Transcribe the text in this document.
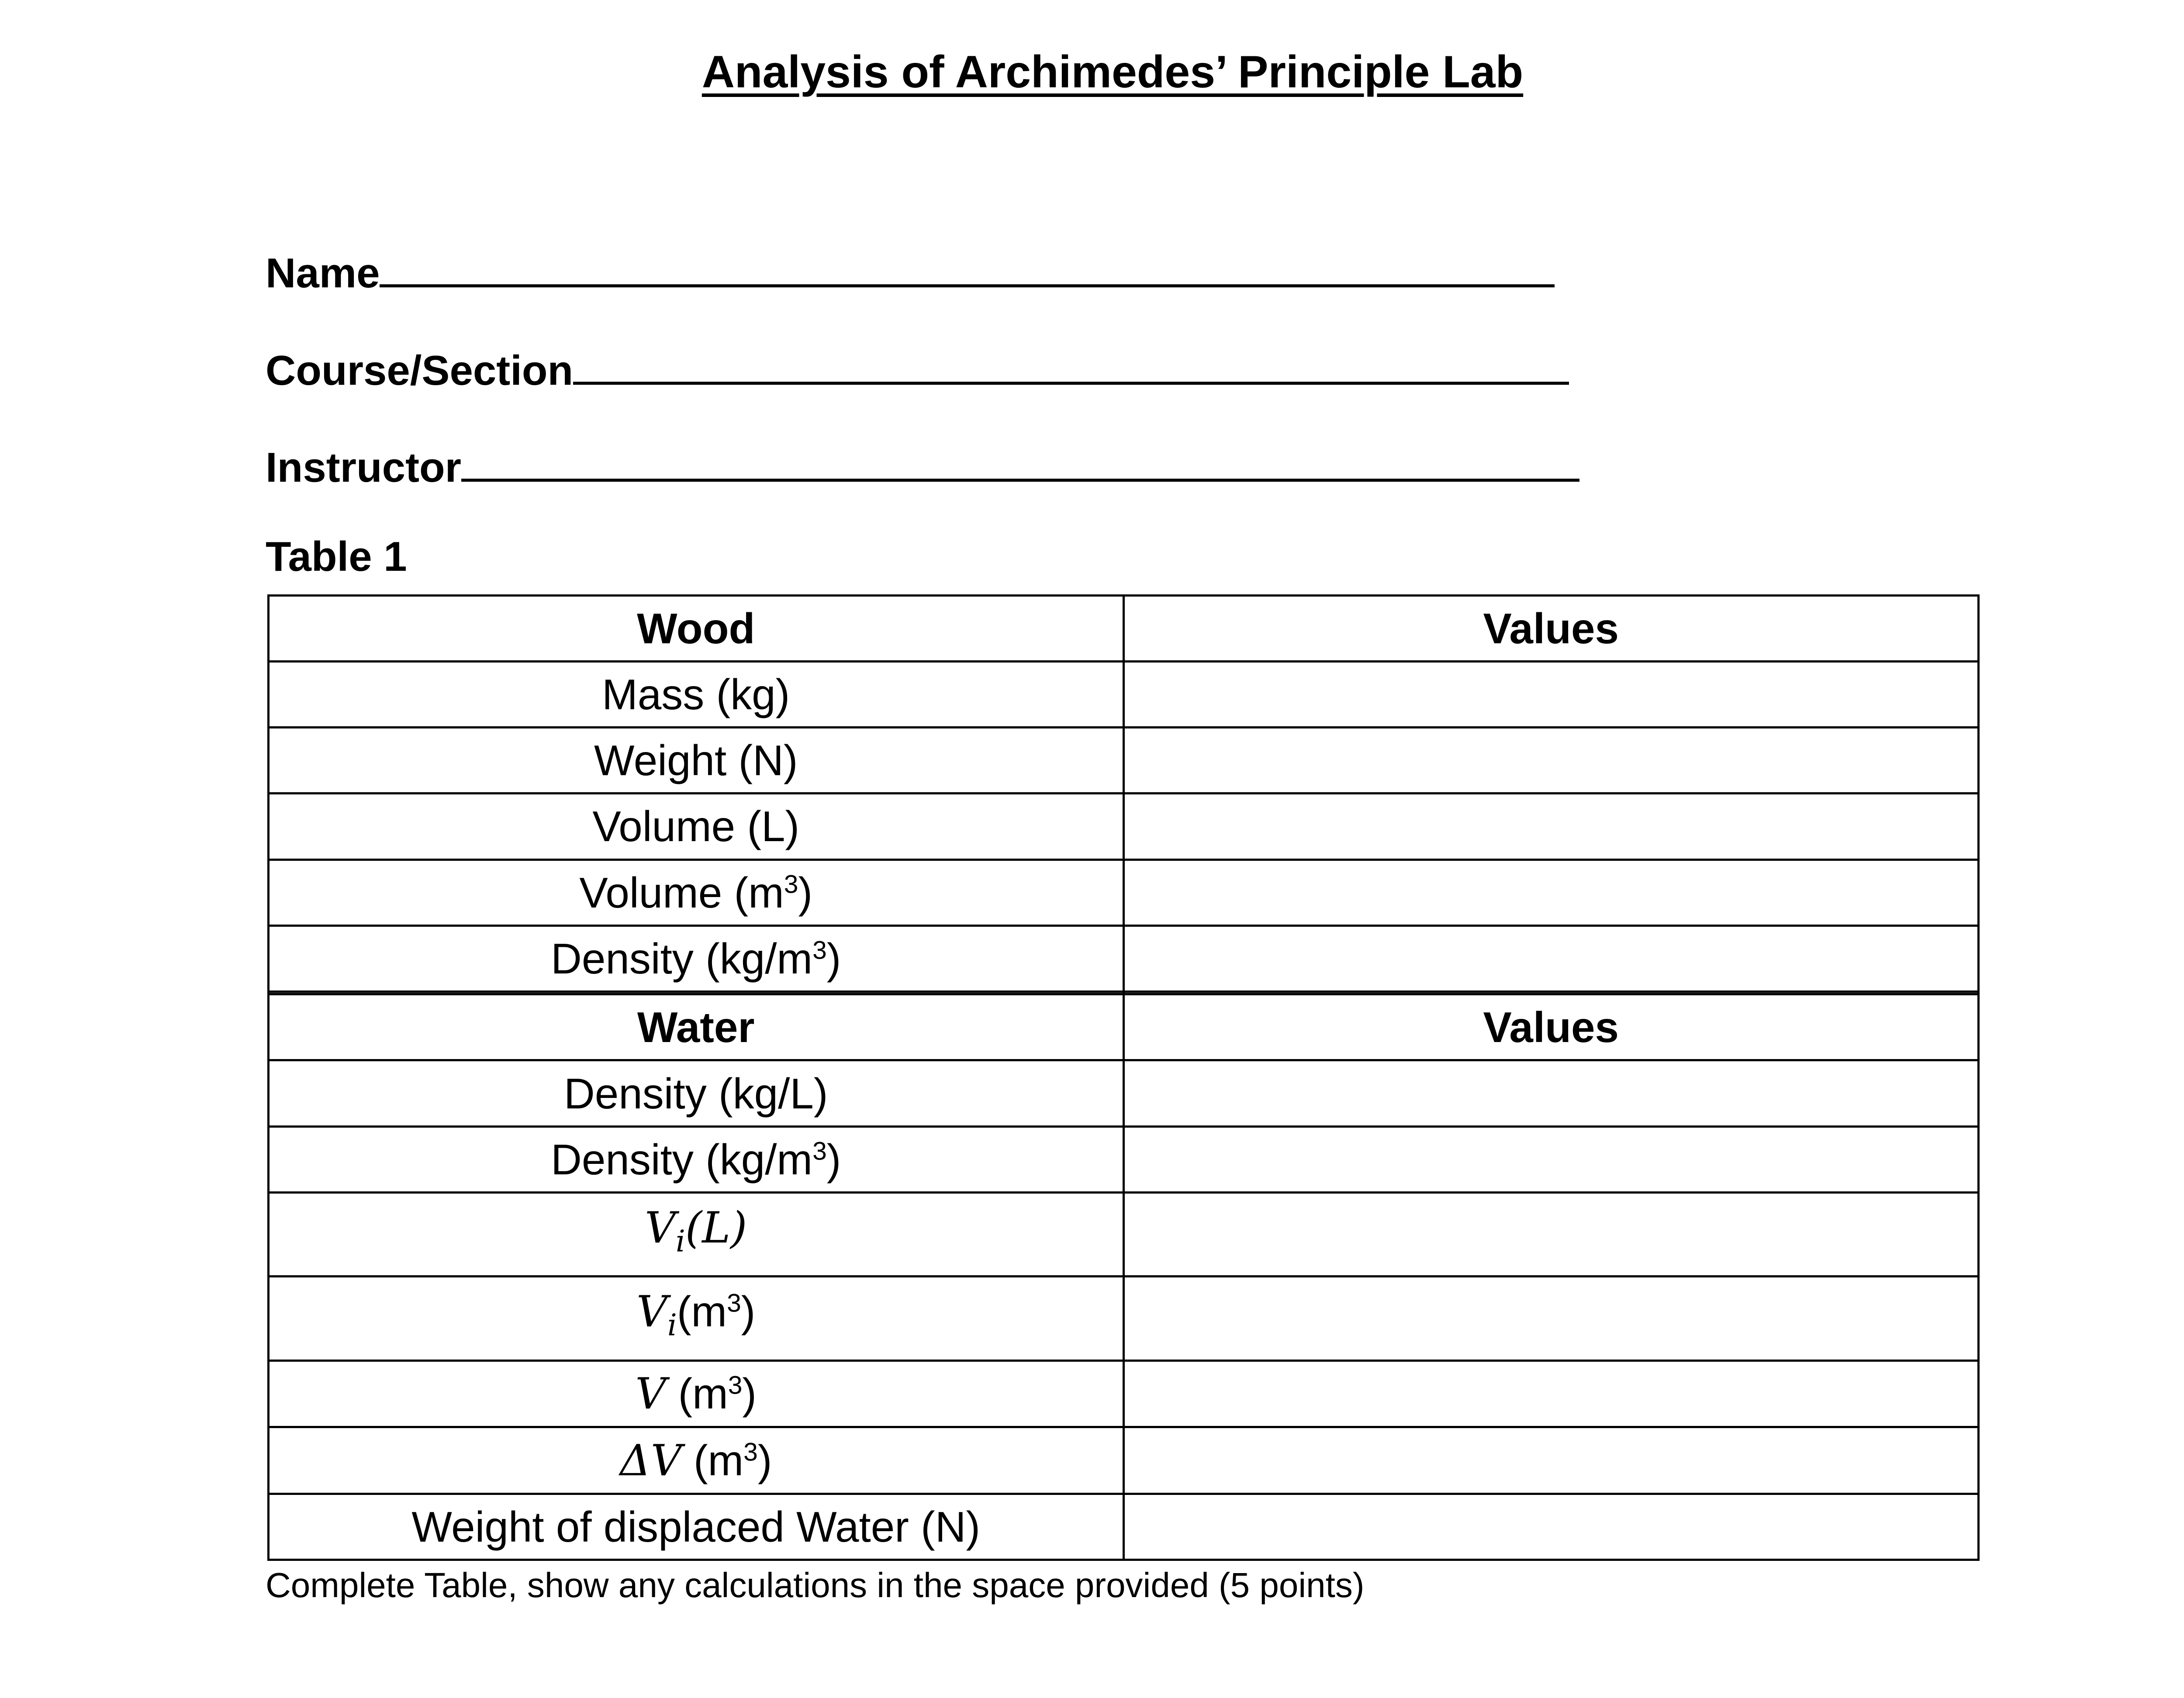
Analysis of Archimedes’ Principle Lab
Name
Course/Section
Instructor
Table 1
Wood	Values
Mass (kg)	
Weight (N)	
Volume (L)	
Volume $(m^3)$	
Density $(kg/m^3)$	

Water	Values
Density (kg/L)	
Density $(kg/m^3)$	
$V_i(L)$	
$V_i(m^3)$	
V $(m^3)$	
ΔV $(m^3)$	
Weight of displaced Water (N)	
Complete Table, show any calculations in the space provided (5 points)
